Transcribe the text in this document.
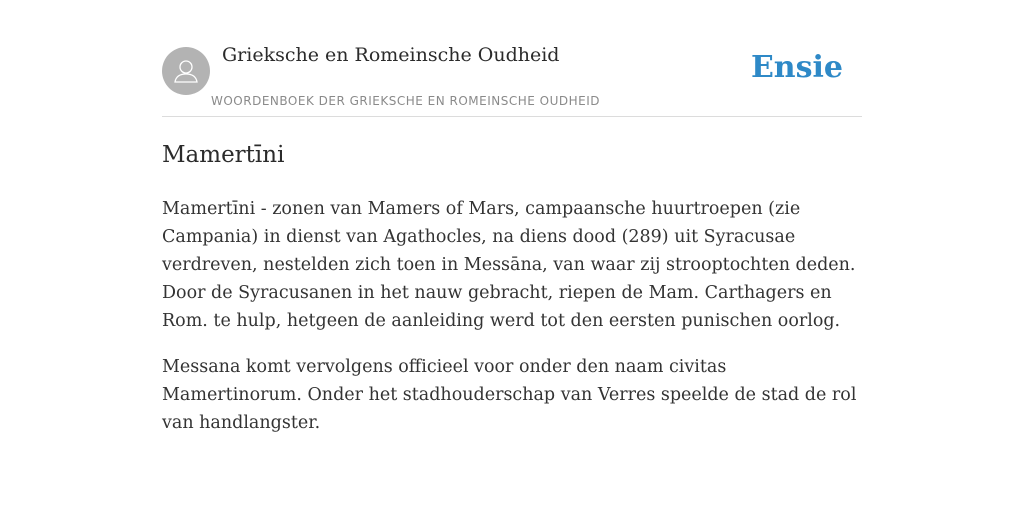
Grieksche en Romeinsche Oudheid
WOORDENBOEK DER GRIEKSCHE EN ROMEINSCHE OUDHEID
Ensie
Mamertīni

Mamertīni - zonen van Mamers of Mars, campaansche huurtroepen (zie Campania) in dienst van Agathocles, na diens dood (289) uit Syracusae verdreven, nestelden zich toen in Messāna, van waar zij strooptochten deden. Door de Syracusanen in het nauw gebracht, riepen de Mam. Carthagers en Rom. te hulp, hetgeen de aanleiding werd tot den eersten punischen oorlog.

Messana komt vervolgens officieel voor onder den naam civitas Mamertinorum. Onder het stadhouderschap van Verres speelde de stad de rol van handlangster.
